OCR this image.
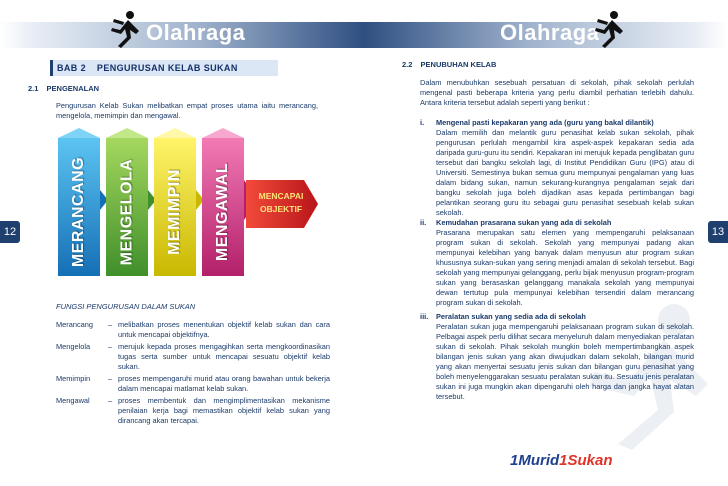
Olahraga
12
BAB 2 PENGURUSAN KELAB SUKAN
2.1 PENGENALAN
Pengurusan Kelab Sukan melibatkan empat proses utama iaitu merancang, mengelola, memimpin dan mengawal.
MERANCANG MENGELOLA MEMIMPIN MENGAWAL	MENCAPAI
OBJEKTIF
FUNGSI PENGURUSAN DALAM SUKAN
Merancang	– melibatkan proses menentukan objektif kelab sukan dan cara untuk mencapai objektifnya.
Mengelola	– merujuk kepada proses mengagihkan serta mengkoordinasikan tugas serta sumber untuk mencapai sesuatu objektif kelab sukan.
Memimpin	– proses mempengaruhi murid atau orang bawahan untuk bekerja dalam mencapai matlamat kelab sukan.
Mengawal	– proses membentuk dan mengimplimentasikan mekanisme penilaian kerja bagi memastikan objektif kelab sukan yang dirancang akan tercapai.
Olahraga
13
2.2 PENUBUHAN KELAB
Dalam menubuhkan sesebuah persatuan di sekolah, pihak sekolah perlulah mengenal pasti beberapa kriteria yang perlu diambil perhatian terlebih dahulu. Antara kriteria tersebut adalah seperti yang berikut :
i. Mengenal pasti kepakaran yang ada (guru yang bakal dilantik)
Dalam memilih dan melantik guru penasihat kelab sukan sekolah, pihak pengurusan perlulah mengambil kira aspek-aspek kepakaran sedia ada daripada guru-guru itu sendiri. Kepakaran ini merujuk kepada penglibatan guru tersebut dari bangku sekolah lagi, di Institut Pendidikan Guru (IPG) atau di Universiti. Semestinya bukan semua guru mempunyai pengalaman yang luas dalam bidang sukan, namun sekurang-kurangnya pengalaman sejak dari bangku sekolah juga boleh dijadikan asas kepada pertimbangan bagi pelantikan seorang guru itu sebagai guru penasihat sesebuah kelab sukan sekolah.
ii. Kemudahan prasarana sukan yang ada di sekolah
Prasarana merupakan satu elemen yang mempengaruhi pelaksanaan program sukan di sekolah. Sekolah yang mempunyai padang akan mempunyai kelebihan yang banyak dalam menyusun atur program sukan khususnya sukan-sukan yang sering menjadi amalan di sekolah tersebut. Bagi sekolah yang mempunyai gelanggang, perlu bijak menyusun program-program sukan yang berasaskan gelanggang manakala sekolah yang mempunyai dewan tertutup pula mempunyai kelebihan tersendiri dalam merancang program sukan di sekolah.
iii. Peralatan sukan yang sedia ada di sekolah
Peralatan sukan juga mempengaruhi pelaksanaan program sukan di sekolah. Pelbagai aspek perlu dilihat secara menyeluruh dalam menyediakan peralatan sukan di sekolah. Pihak sekolah mungkin boleh mempertimbangkan aspek bilangan jenis sukan yang akan diwujudkan dalam sekolah, bilangan murid yang akan menyertai sesuatu jenis sukan dan bilangan guru penasihat yang boleh menyelenggarakan sesuatu peralatan sukan itu. Sesuatu jenis peralatan sukan ini juga mungkin akan dipengaruhi oleh harga dan jangka hayat alatan tersebut.
1Murid1Sukan
